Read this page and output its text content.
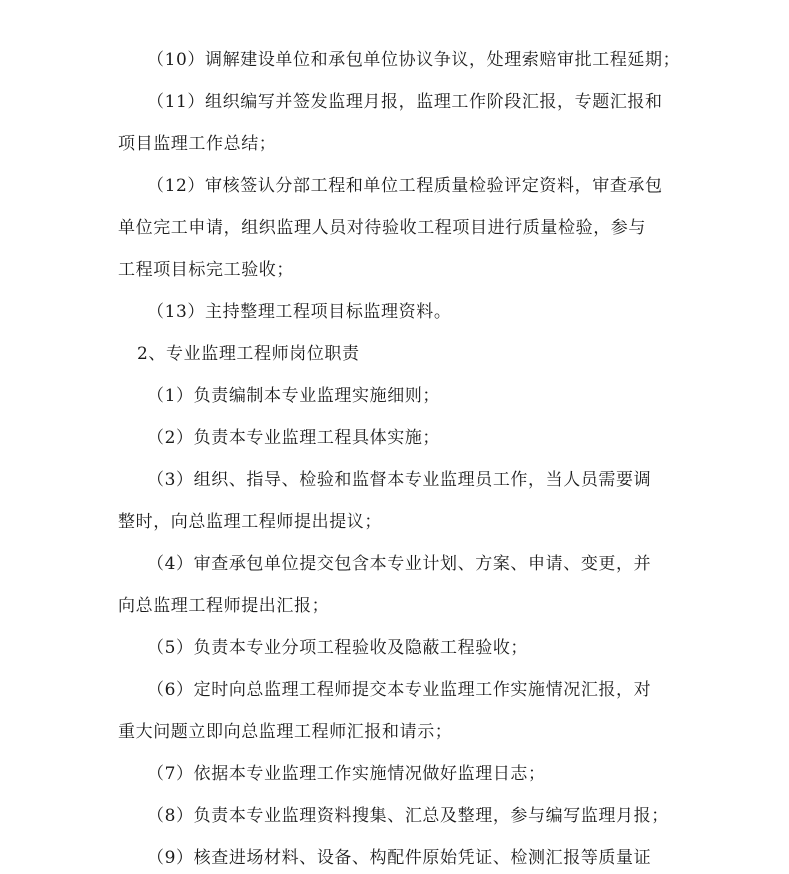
（10）调解建设单位和承包单位协议争议，处理索赔审批工程延期；
（11）组织编写并签发监理月报，监理工作阶段汇报，专题汇报和
项目监理工作总结；
（12）审核签认分部工程和单位工程质量检验评定资料，审查承包
单位完工申请，组织监理人员对待验收工程项目进行质量检验，参与
工程项目标完工验收；
（13）主持整理工程项目标监理资料。
2、专业监理工程师岗位职责
（1）负责编制本专业监理实施细则；
（2）负责本专业监理工程具体实施；
（3）组织、指导、检验和监督本专业监理员工作，当人员需要调
整时，向总监理工程师提出提议；
（4）审查承包单位提交包含本专业计划、方案、申请、变更，并
向总监理工程师提出汇报；
（5）负责本专业分项工程验收及隐蔽工程验收；
（6）定时向总监理工程师提交本专业监理工作实施情况汇报，对
重大问题立即向总监理工程师汇报和请示；
（7）依据本专业监理工作实施情况做好监理日志；
（8）负责本专业监理资料搜集、汇总及整理，参与编写监理月报；
（9）核查进场材料、设备、构配件原始凭证、检测汇报等质量证
